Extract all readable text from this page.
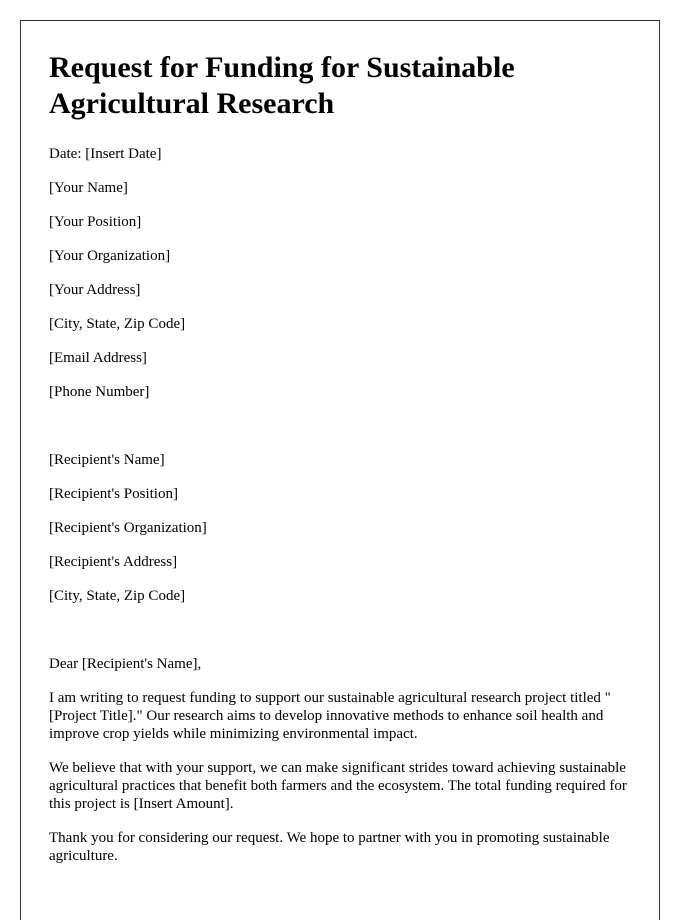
Request for Funding for Sustainable Agricultural Research

Date: [Insert Date]

[Your Name]

[Your Position]

[Your Organization]

[Your Address]

[City, State, Zip Code]

[Email Address]

[Phone Number]

[Recipient's Name]

[Recipient's Position]

[Recipient's Organization]

[Recipient's Address]

[City, State, Zip Code]

Dear [Recipient's Name],

I am writing to request funding to support our sustainable agricultural research project titled "[Project Title]." Our research aims to develop innovative methods to enhance soil health and improve crop yields while minimizing environmental impact.

We believe that with your support, we can make significant strides toward achieving sustainable agricultural practices that benefit both farmers and the ecosystem. The total funding required for this project is [Insert Amount].

Thank you for considering our request. We hope to partner with you in promoting sustainable agriculture.
